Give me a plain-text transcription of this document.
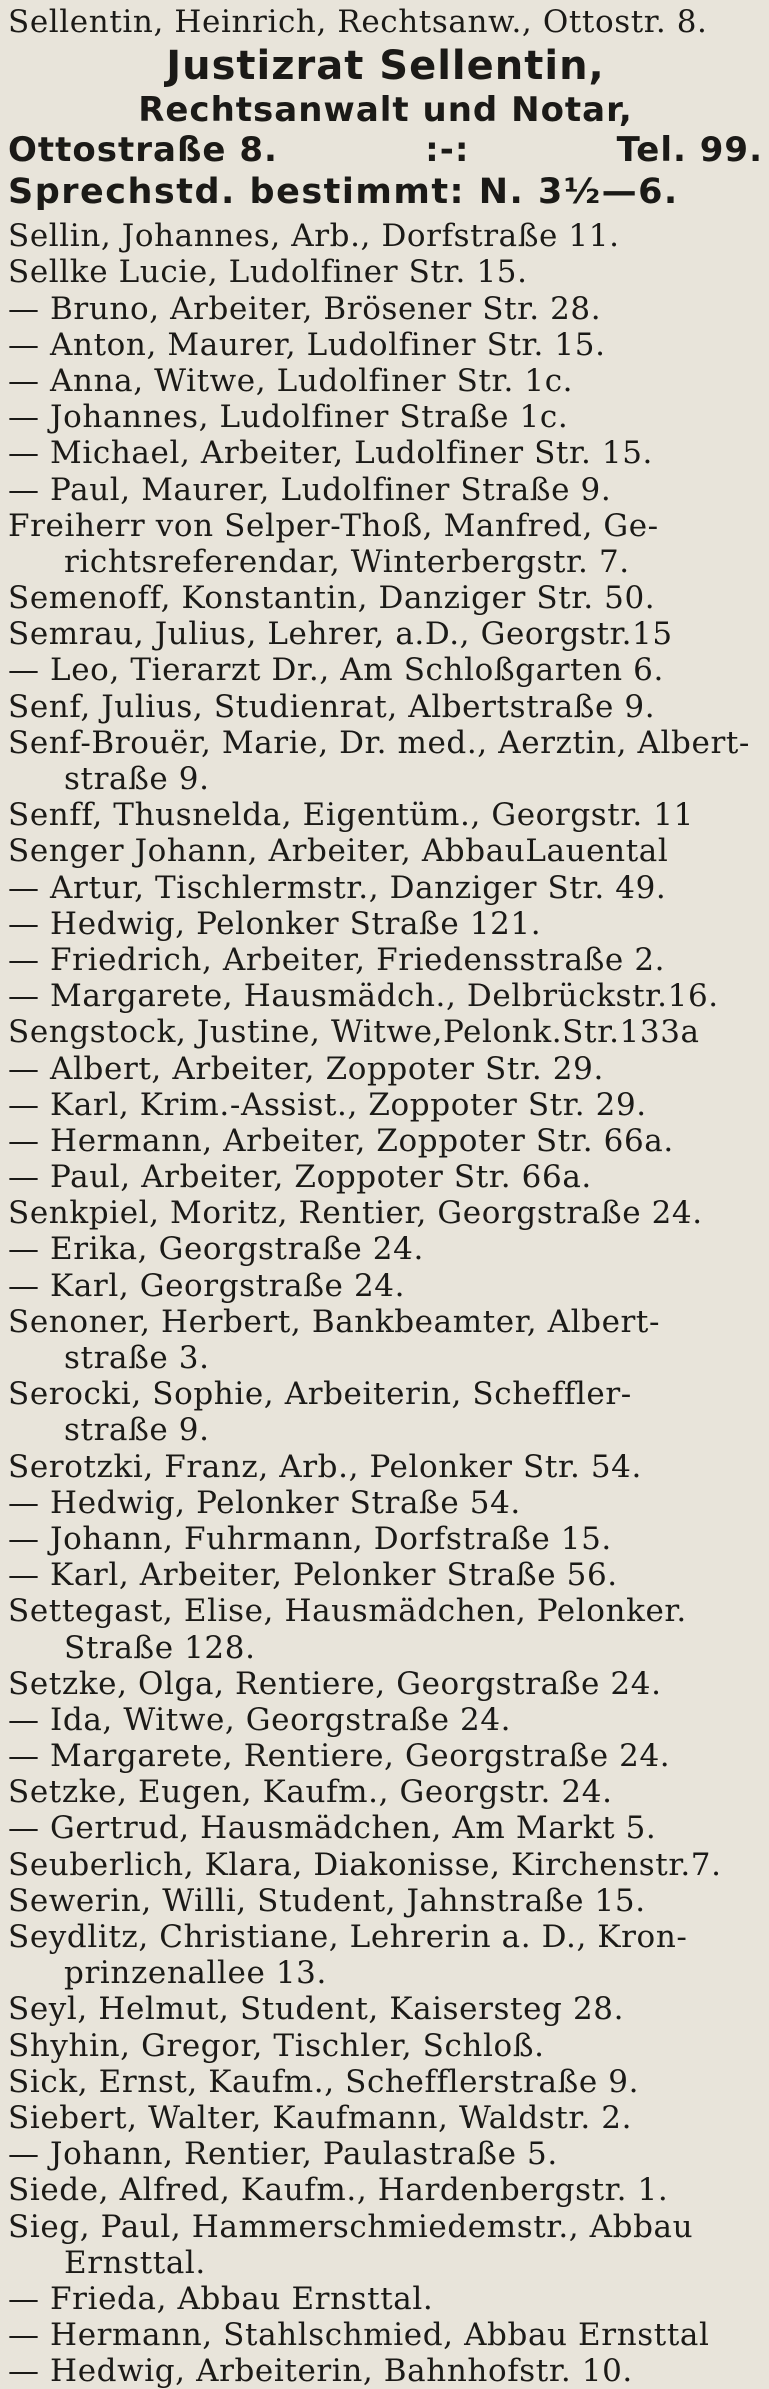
Sellentin, Heinrich, Rechtsanw., Ottostr. 8.
Justizrat Sellentin,
Rechtsanwalt und Notar,
Ottostraße 8.	:-:	Tel. 99.
Sprechstd. bestimmt: N. 3½—6.
Sellin, Johannes, Arb., Dorfstraße 11.
Sellke Lucie, Ludolfiner Str. 15.
— Bruno, Arbeiter, Brösener Str. 28.
— Anton, Maurer, Ludolfiner Str. 15.
— Anna, Witwe, Ludolfiner Str. 1c.
— Johannes, Ludolfiner Straße 1c.
— Michael, Arbeiter, Ludolfiner Str. 15.
— Paul, Maurer, Ludolfiner Straße 9.
Freiherr von Selper-Thoß, Manfred, Ge-
richtsreferendar, Winterbergstr. 7.
Semenoff, Konstantin, Danziger Str. 50.
Semrau, Julius, Lehrer, a.D., Georgstr.15
— Leo, Tierarzt Dr., Am Schloßgarten 6.
Senf, Julius, Studienrat, Albertstraße 9.
Senf-Brouër, Marie, Dr. med., Aerztin, Albert-
straße 9.
Senff, Thusnelda, Eigentüm., Georgstr. 11
Senger Johann, Arbeiter, AbbauLauental
— Artur, Tischlermstr., Danziger Str. 49.
— Hedwig, Pelonker Straße 121.
— Friedrich, Arbeiter, Friedensstraße 2.
— Margarete, Hausmädch., Delbrückstr.16.
Sengstock, Justine, Witwe,Pelonk.Str.133a
— Albert, Arbeiter, Zoppoter Str. 29.
— Karl, Krim.-Assist., Zoppoter Str. 29.
— Hermann, Arbeiter, Zoppoter Str. 66a.
— Paul, Arbeiter, Zoppoter Str. 66a.
Senkpiel, Moritz, Rentier, Georgstraße 24.
— Erika, Georgstraße 24.
— Karl, Georgstraße 24.
Senoner, Herbert, Bankbeamter, Albert-
straße 3.
Serocki, Sophie, Arbeiterin, Scheffler-
straße 9.
Serotzki, Franz, Arb., Pelonker Str. 54.
— Hedwig, Pelonker Straße 54.
— Johann, Fuhrmann, Dorfstraße 15.
— Karl, Arbeiter, Pelonker Straße 56.
Settegast, Elise, Hausmädchen, Pelonker.
Straße 128.
Setzke, Olga, Rentiere, Georgstraße 24.
— Ida, Witwe, Georgstraße 24.
— Margarete, Rentiere, Georgstraße 24.
Setzke, Eugen, Kaufm., Georgstr. 24.
— Gertrud, Hausmädchen, Am Markt 5.
Seuberlich, Klara, Diakonisse, Kirchenstr.7.
Sewerin, Willi, Student, Jahnstraße 15.
Seydlitz, Christiane, Lehrerin a. D., Kron-
prinzenallee 13.
Seyl, Helmut, Student, Kaisersteg 28.
Shyhin, Gregor, Tischler, Schloß.
Sick, Ernst, Kaufm., Schefflerstraße 9.
Siebert, Walter, Kaufmann, Waldstr. 2.
— Johann, Rentier, Paulastraße 5.
Siede, Alfred, Kaufm., Hardenbergstr. 1.
Sieg, Paul, Hammerschmiedemstr., Abbau
Ernsttal.
— Frieda, Abbau Ernsttal.
— Hermann, Stahlschmied, Abbau Ernsttal
— Hedwig, Arbeiterin, Bahnhofstr. 10.
